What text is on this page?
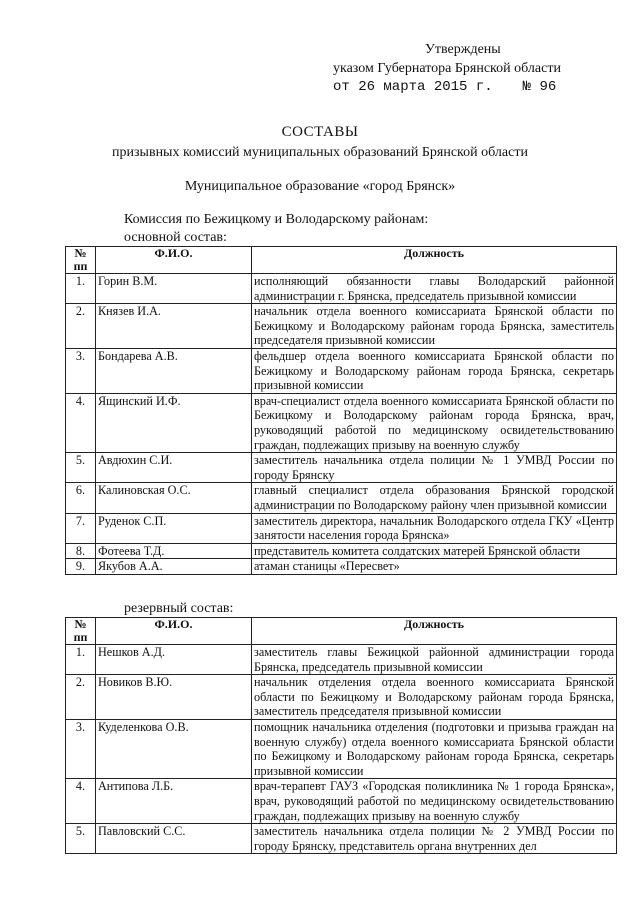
Утверждены
указом Губернатора Брянской области
от 26 марта 2015 г. № 96
СОСТАВЫ
призывных комиссий муниципальных образований Брянской области
Муниципальное образование «город Брянск»
Комиссия по Бежицкому и Володарскому районам:
основной состав:
№ пп	Ф.И.О.	Должность
1.	Горин В.М.	исполняющий обязанности главы Володарский районной администрации г. Брянска, председатель призывной комиссии
2.	Князев И.А.	начальник отдела военного комиссариата Брянской области по Бежицкому и Володарскому районам города Брянска, заместитель председателя призывной комиссии
3.	Бондарева А.В.	фельдшер отдела военного комиссариата Брянской области по Бежицкому и Володарскому районам города Брянска, секретарь призывной комиссии
4.	Ящинский И.Ф.	врач-специалист отдела военного комиссариата Брянской области по Бежицкому и Володарскому районам города Брянска, врач, руководящий работой по медицинскому освидетельствованию граждан, подлежащих призыву на военную службу
5.	Авдюхин С.И.	заместитель начальника отдела полиции № 1 УМВД России по городу Брянску
6.	Калиновская О.С.	главный специалист отдела образования Брянской городской администрации по Володарскому району член призывной комиссии
7.	Руденок С.П.	заместитель директора, начальник Володарского отдела ГКУ «Центр занятости населения города Брянска»
8.	Фотеева Т.Д.	представитель комитета солдатских матерей Брянской области
9.	Якубов А.А.	атаман станицы «Пересвет»
резервный состав:
№ пп	Ф.И.О.	Должность
1.	Нешков А.Д.	заместитель главы Бежицкой районной администрации города Брянска, председатель призывной комиссии
2.	Новиков В.Ю.	начальник отделения отдела военного комиссариата Брянской области по Бежицкому и Володарскому районам города Брянска, заместитель председателя призывной комиссии
3.	Куделенкова О.В.	помощник начальника отделения (подготовки и призыва граждан на военную службу) отдела военного комиссариата Брянской области по Бежицкому и Володарскому районам города Брянска, секретарь призывной комиссии
4.	Антипова Л.Б.	врач-терапевт ГАУЗ «Городская поликлиника № 1 города Брянска», врач, руководящий работой по медицинскому освидетельствованию граждан, подлежащих призыву на военную службу
5.	Павловский С.С.	заместитель начальника отдела полиции № 2 УМВД России по городу Брянску, представитель органа внутренних дел
